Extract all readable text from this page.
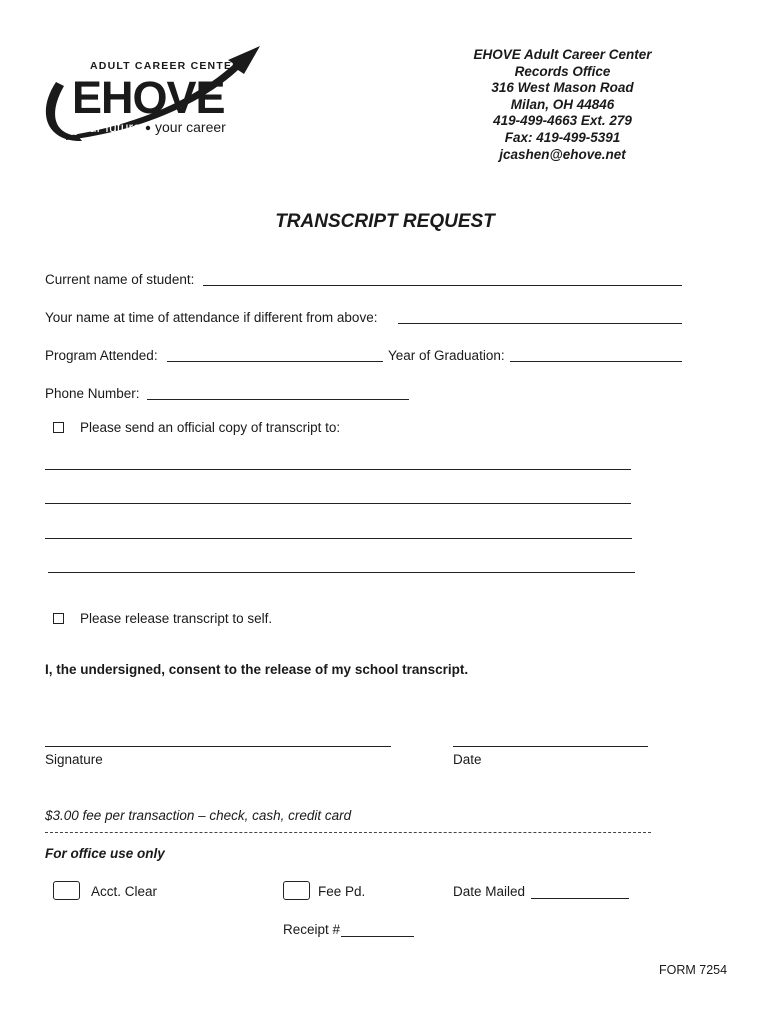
ADULT CAREER CENTER
EHOVE
your future your career
EHOVE Adult Career Center
Records Office
316 West Mason Road
Milan, OH 44846
419-499-4663 Ext. 279
Fax: 419-499-5391
jcashen@ehove.net
TRANSCRIPT REQUEST
Current name of student:
Your name at time of attendance if different from above:
Program Attended:	Year of Graduation:
Phone Number:
Please send an official copy of transcript to:
Please release transcript to self.
I, the undersigned, consent to the release of my school transcript.
Signature	Date
$3.00 fee per transaction – check, cash, credit card
For office use only
Acct. Clear	Fee Pd.	Date Mailed
Receipt #
FORM 7254
